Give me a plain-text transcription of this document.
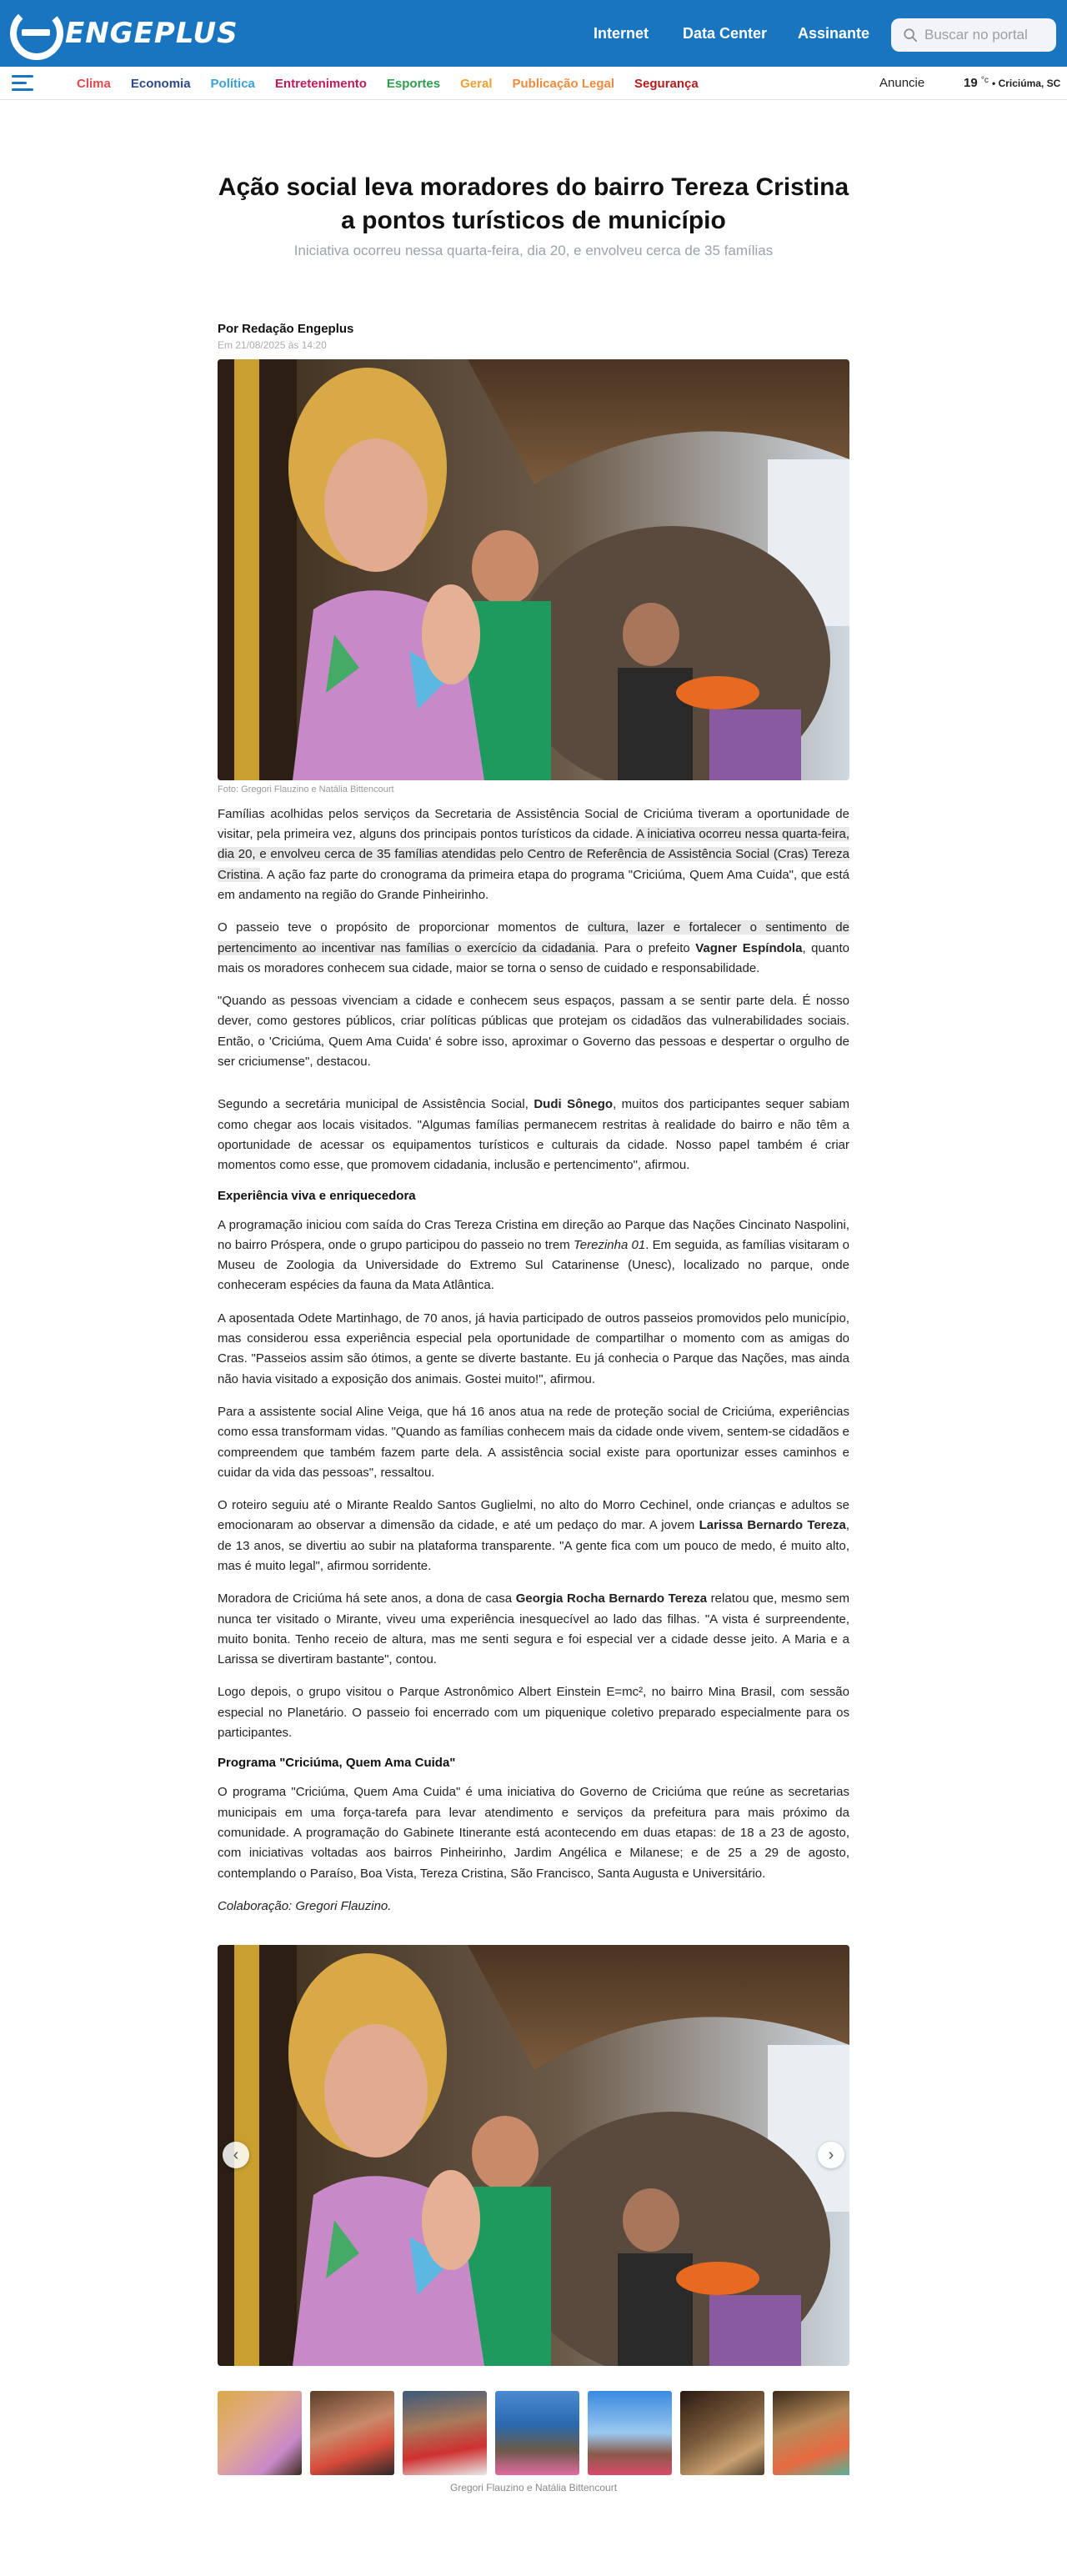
ENGEPLUS	Internet	Data Center	Assinante
Buscar no portal
Clima Economia Política Entretenimento Esportes Geral Publicação Legal Segurança	Anuncie	19 $^{^\circ c}$ • Criciúma, SC
Ação social leva moradores do bairro Tereza Cristina a pontos turísticos de município

Iniciativa ocorreu nessa quarta-feira, dia 20, e envolveu cerca de 35 famílias

Por Redação Engeplus
Em 21/08/2025 às 14:20
Foto: Gregori Flauzino e Natália Bittencourt

Famílias acolhidas pelos serviços da Secretaria de Assistência Social de Criciúma tiveram a oportunidade de visitar, pela primeira vez, alguns dos principais pontos turísticos da cidade. A iniciativa ocorreu nessa quarta-feira, dia 20, e envolveu cerca de 35 famílias atendidas pelo Centro de Referência de Assistência Social (Cras) Tereza Cristina. A ação faz parte do cronograma da primeira etapa do programa "Criciúma, Quem Ama Cuida", que está em andamento na região do Grande Pinheirinho.

O passeio teve o propósito de proporcionar momentos de cultura, lazer e fortalecer o sentimento de pertencimento ao incentivar nas famílias o exercício da cidadania. Para o prefeito Vagner Espíndola, quanto mais os moradores conhecem sua cidade, maior se torna o senso de cuidado e responsabilidade.

"Quando as pessoas vivenciam a cidade e conhecem seus espaços, passam a se sentir parte dela. É nosso dever, como gestores públicos, criar políticas públicas que protejam os cidadãos das vulnerabilidades sociais. Então, o 'Criciúma, Quem Ama Cuida' é sobre isso, aproximar o Governo das pessoas e despertar o orgulho de ser criciumense", destacou.

Segundo a secretária municipal de Assistência Social, Dudi Sônego, muitos dos participantes sequer sabiam como chegar aos locais visitados. "Algumas famílias permanecem restritas à realidade do bairro e não têm a oportunidade de acessar os equipamentos turísticos e culturais da cidade. Nosso papel também é criar momentos como esse, que promovem cidadania, inclusão e pertencimento", afirmou.

Experiência viva e enriquecedora

A programação iniciou com saída do Cras Tereza Cristina em direção ao Parque das Nações Cincinato Naspolini, no bairro Próspera, onde o grupo participou do passeio no trem Terezinha 01. Em seguida, as famílias visitaram o Museu de Zoologia da Universidade do Extremo Sul Catarinense (Unesc), localizado no parque, onde conheceram espécies da fauna da Mata Atlântica.

A aposentada Odete Martinhago, de 70 anos, já havia participado de outros passeios promovidos pelo município, mas considerou essa experiência especial pela oportunidade de compartilhar o momento com as amigas do Cras. "Passeios assim são ótimos, a gente se diverte bastante. Eu já conhecia o Parque das Nações, mas ainda não havia visitado a exposição dos animais. Gostei muito!", afirmou.

Para a assistente social Aline Veiga, que há 16 anos atua na rede de proteção social de Criciúma, experiências como essa transformam vidas. "Quando as famílias conhecem mais da cidade onde vivem, sentem-se cidadãos e compreendem que também fazem parte dela. A assistência social existe para oportunizar esses caminhos e cuidar da vida das pessoas", ressaltou.

O roteiro seguiu até o Mirante Realdo Santos Guglielmi, no alto do Morro Cechinel, onde crianças e adultos se emocionaram ao observar a dimensão da cidade, e até um pedaço do mar. A jovem Larissa Bernardo Tereza, de 13 anos, se divertiu ao subir na plataforma transparente. "A gente fica com um pouco de medo, é muito alto, mas é muito legal", afirmou sorridente.

Moradora de Criciúma há sete anos, a dona de casa Georgia Rocha Bernardo Tereza relatou que, mesmo sem nunca ter visitado o Mirante, viveu uma experiência inesquecível ao lado das filhas. "A vista é surpreendente, muito bonita. Tenho receio de altura, mas me senti segura e foi especial ver a cidade desse jeito. A Maria e a Larissa se divertiram bastante", contou.

Logo depois, o grupo visitou o Parque Astronômico Albert Einstein E=mc², no bairro Mina Brasil, com sessão especial no Planetário. O passeio foi encerrado com um piquenique coletivo preparado especialmente para os participantes.

Programa "Criciúma, Quem Ama Cuida"

O programa "Criciúma, Quem Ama Cuida" é uma iniciativa do Governo de Criciúma que reúne as secretarias municipais em uma força-tarefa para levar atendimento e serviços da prefeitura para mais próximo da comunidade. A programação do Gabinete Itinerante está acontecendo em duas etapas: de 18 a 23 de agosto, com iniciativas voltadas aos bairros Pinheirinho, Jardim Angélica e Milanese; e de 25 a 29 de agosto, contemplando o Paraíso, Boa Vista, Tereza Cristina, São Francisco, Santa Augusta e Universitário.

Colaboração: Gregori Flauzino.

‹	›
Gregori Flauzino e Natália Bittencourt
